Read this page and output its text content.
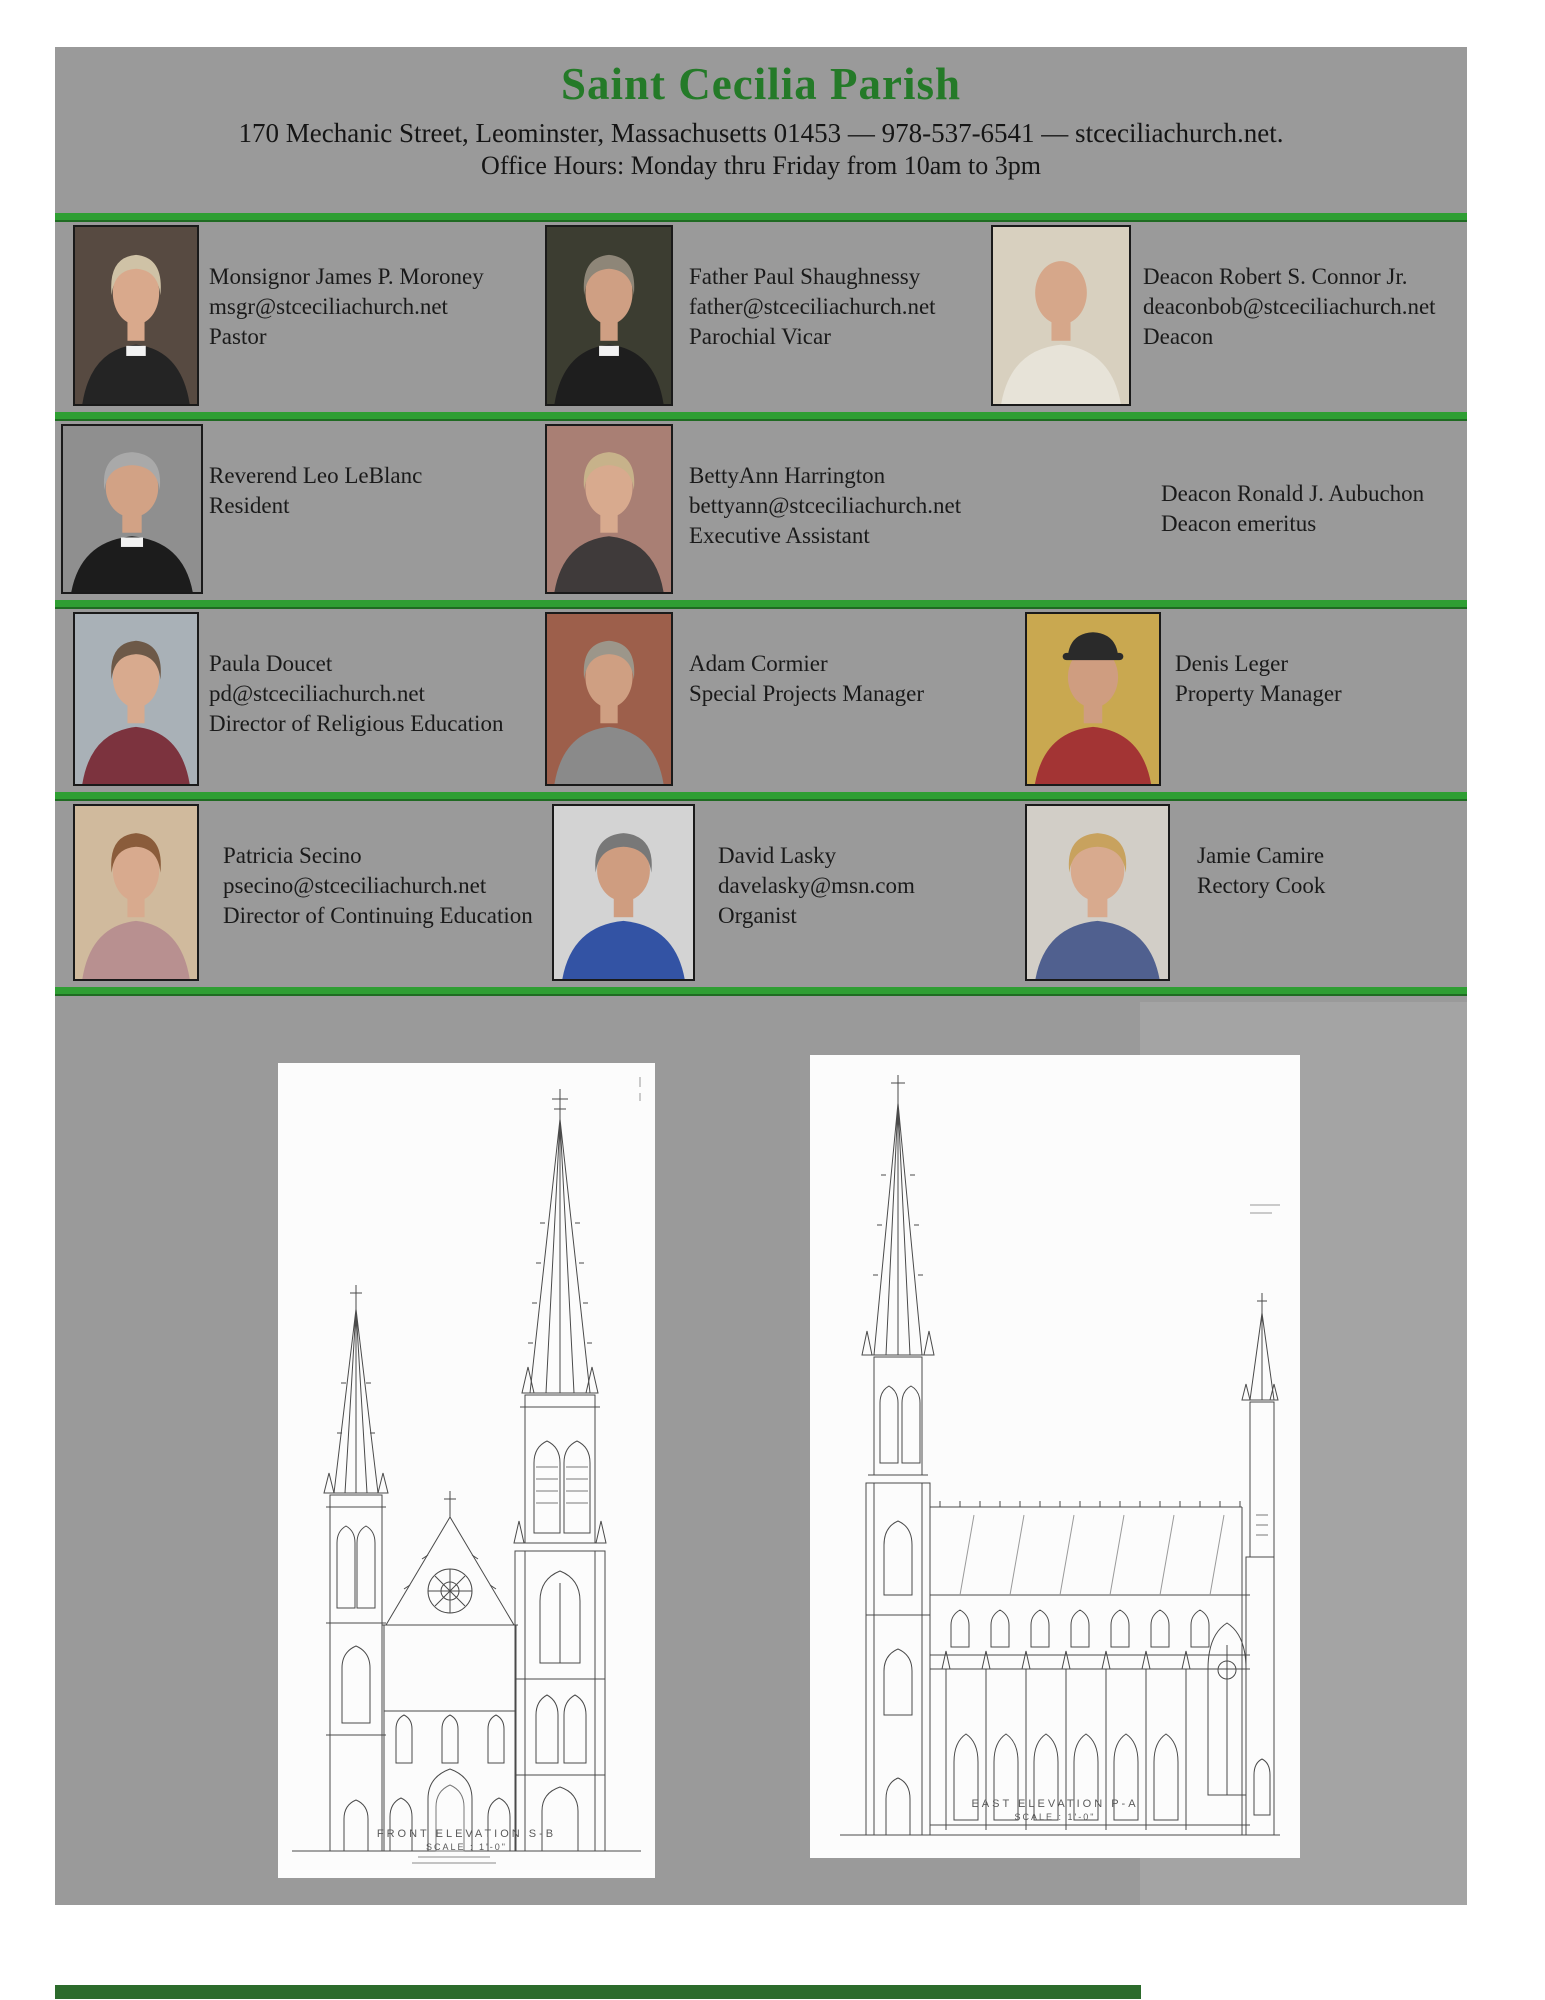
Saint Cecilia Parish
170 Mechanic Street, Leominster, Massachusetts 01453 — 978-537-6541 — stceciliachurch.net.
Office Hours: Monday thru Friday from 10am to 3pm
Monsignor James P. Moroney
msgr@stceciliachurch.net
Pastor
Father Paul Shaughnessy
father@stceciliachurch.net
Parochial Vicar
Deacon Robert S. Connor Jr.
deaconbob@stceciliachurch.net
Deacon
Reverend Leo LeBlanc
Resident
BettyAnn Harrington
bettyann@stceciliachurch.net
Executive Assistant
Deacon Ronald J. Aubuchon
Deacon emeritus
Paula Doucet
pd@stceciliachurch.net
Director of Religious Education
Adam Cormier
Special Projects Manager
Denis Leger
Property Manager
Patricia Secino
psecino@stceciliachurch.net
Director of Continuing Education
David Lasky
davelasky@msn.com
Organist
Jamie Camire
Rectory Cook
FRONT ELEVATION S-B
SCALE : 1'-0"
EAST ELEVATION P-A
SCALE : 1'-0"
